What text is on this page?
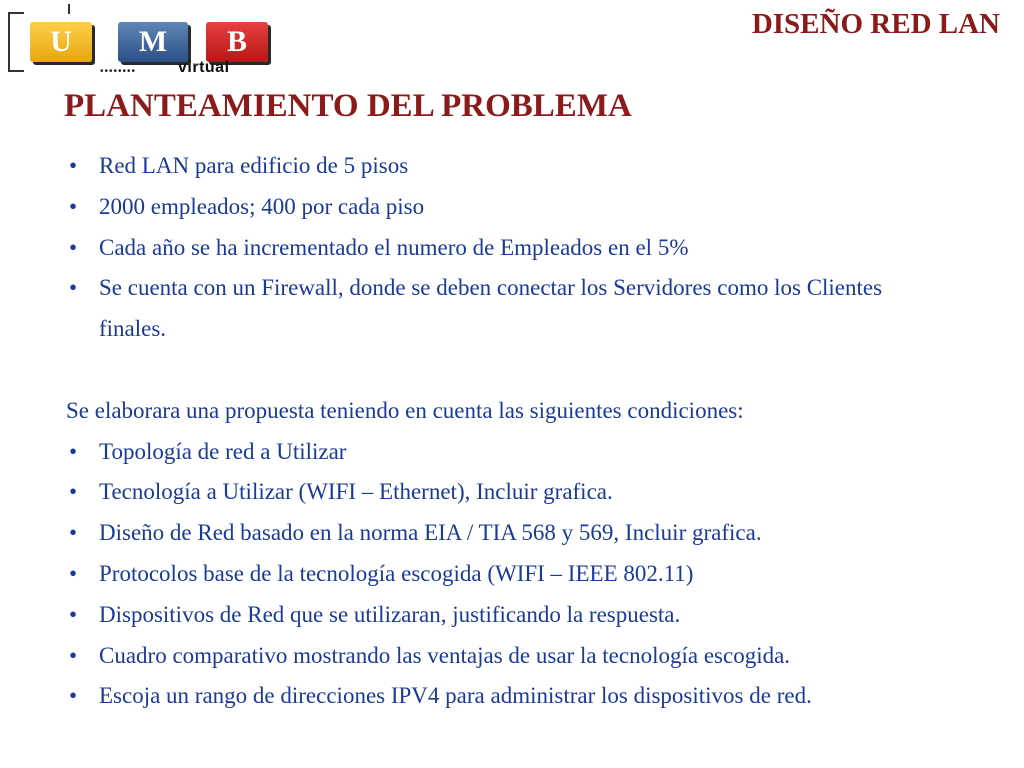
U	M	B
••••••••	virtual
DISEÑO RED LAN
PLANTEAMIENTO DEL PROBLEMA
• Red LAN para edificio de 5 pisos
• 2000 empleados; 400 por cada piso
• Cada año se ha incrementado el numero de Empleados en el 5%
• Se cuenta con un Firewall, donde se deben conectar los Servidores como los Clientes finales.

Se elaborara una propuesta teniendo en cuenta las siguientes condiciones:

• Topología de red a Utilizar
• Tecnología a Utilizar (WIFI – Ethernet), Incluir grafica.
• Diseño de Red basado en la norma EIA / TIA 568 y 569, Incluir grafica.
• Protocolos base de la tecnología escogida (WIFI – IEEE 802.11)
• Dispositivos de Red que se utilizaran, justificando la respuesta.
• Cuadro comparativo mostrando las ventajas de usar la tecnología escogida.
• Escoja un rango de direcciones IPV4 para administrar los dispositivos de red.
